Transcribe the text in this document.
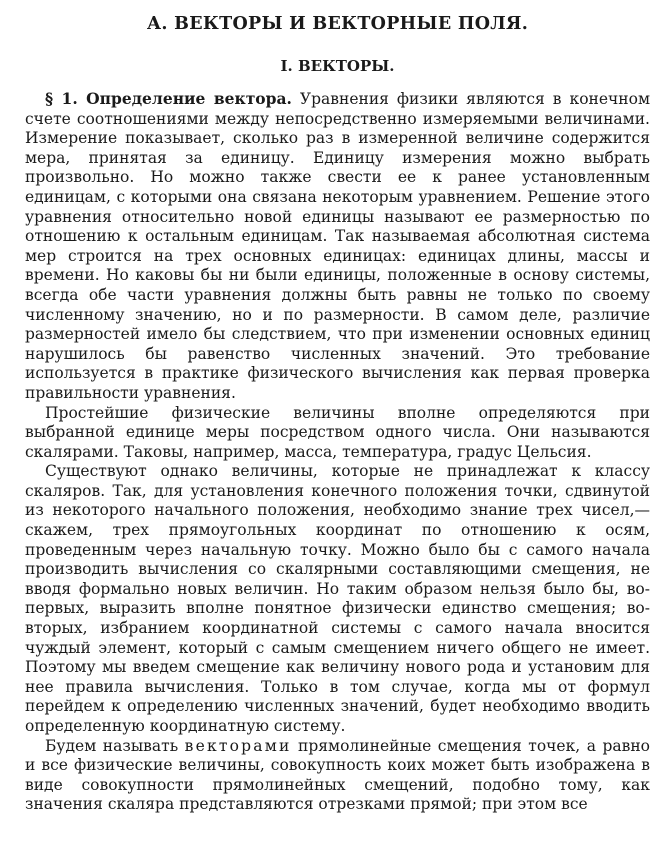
А. ВЕКТОРЫ И ВЕКТОРНЫЕ ПОЛЯ.
I. ВЕКТОРЫ.

§ 1. Определение вектора. Уравнения физики являются в конечном счете соотношениями между непосредственно измеряемыми величинами. Измерение показывает, сколько раз в измеренной величине содержится мера, принятая за единицу. Единицу измерения можно выбрать произвольно. Но можно также свести ее к ранее установленным единицам, с которыми она связана некоторым уравнением. Решение этого уравнения относительно новой единицы называют ее размерностью по отношению к остальным единицам. Так называемая абсолютная система мер строится на трех основных единицах: единицах длины, массы и времени. Но каковы бы ни были единицы, положенные в основу системы, всегда обе части уравнения должны быть равны не только по своему численному значению, но и по размерности. В самом деле, различие размерностей имело бы следствием, что при изменении основных единиц нарушилось бы равенство численных значений. Это требование используется в практике физического вычисления как первая проверка правильности уравнения.

Простейшие физические величины вполне определяются при выбранной единице меры посредством одного числа. Они называются скалярами. Таковы, например, масса, температура, градус Цельсия.

Существуют однако величины, которые не принадлежат к классу скаляров. Так, для установления конечного положения точки, сдвинутой из некоторого начального положения, необходимо знание трех чисел,—скажем, трех прямоугольных координат по отношению к осям, проведенным через начальную точку. Можно было бы с самого начала производить вычисления со скалярными составляющими смещения, не вводя формально новых величин. Но таким образом нельзя было бы, во-первых, выразить вполне понятное физически единство смещения; во-вторых, избранием координатной системы с самого начала вносится чуждый элемент, который с самым смещением ничего общего не имеет. Поэтому мы введем смещение как величину нового рода и установим для нее правила вычисления. Только в том случае, когда мы от формул перейдем к определению численных значений, будет необходимо вводить определенную координатную систему.

Будем называть векторами прямолинейные смещения точек, а равно и все физические величины, совокупность коих может быть изображена в виде совокупности прямолинейных смещений, подобно тому, как значения скаляра представляются отрезками прямой; при этом все
